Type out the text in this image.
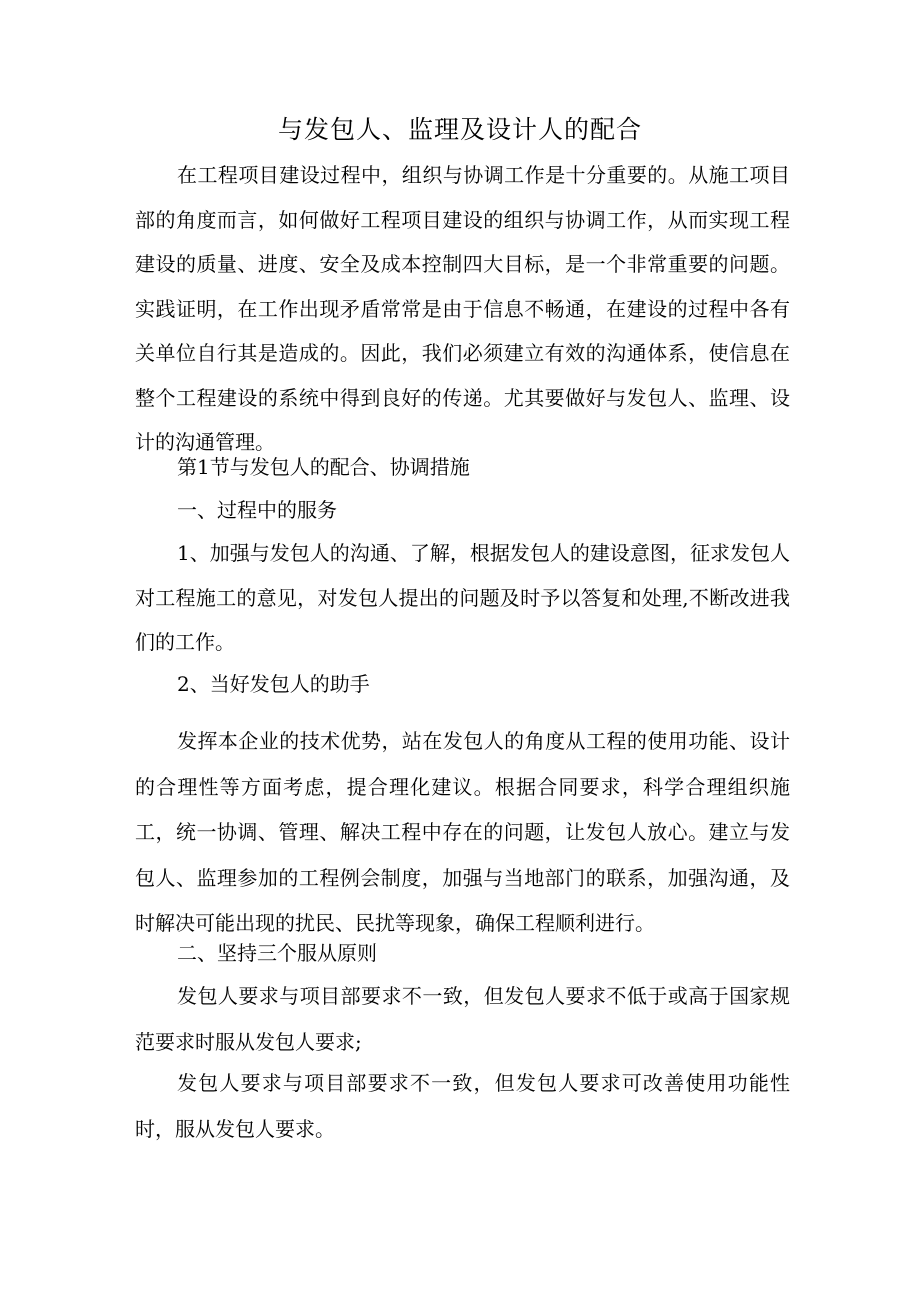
与发包人、监理及设计人的配合

在工程项目建设过程中，组织与协调工作是十分重要的。从施工项目部的角度而言，如何做好工程项目建设的组织与协调工作，从而实现工程建设的质量、进度、安全及成本控制四大目标，是一个非常重要的问题。实践证明，在工作出现矛盾常常是由于信息不畅通，在建设的过程中各有关单位自行其是造成的。因此，我们必须建立有效的沟通体系，使信息在整个工程建设的系统中得到良好的传递。尤其要做好与发包人、监理、设计的沟通管理。

第1节与发包人的配合、协调措施

一、过程中的服务

1、加强与发包人的沟通、了解，根据发包人的建设意图，征求发包人对工程施工的意见，对发包人提出的问题及时予以答复和处理,不断改进我们的工作。

2、当好发包人的助手

发挥本企业的技术优势，站在发包人的角度从工程的使用功能、设计的合理性等方面考虑，提合理化建议。根据合同要求，科学合理组织施工，统一协调、管理、解决工程中存在的问题，让发包人放心。建立与发包人、监理参加的工程例会制度，加强与当地部门的联系，加强沟通，及时解决可能出现的扰民、民扰等现象，确保工程顺利进行。

二、坚持三个服从原则

发包人要求与项目部要求不一致，但发包人要求不低于或高于国家规范要求时服从发包人要求;

发包人要求与项目部要求不一致，但发包人要求可改善使用功能性时，服从发包人要求。
